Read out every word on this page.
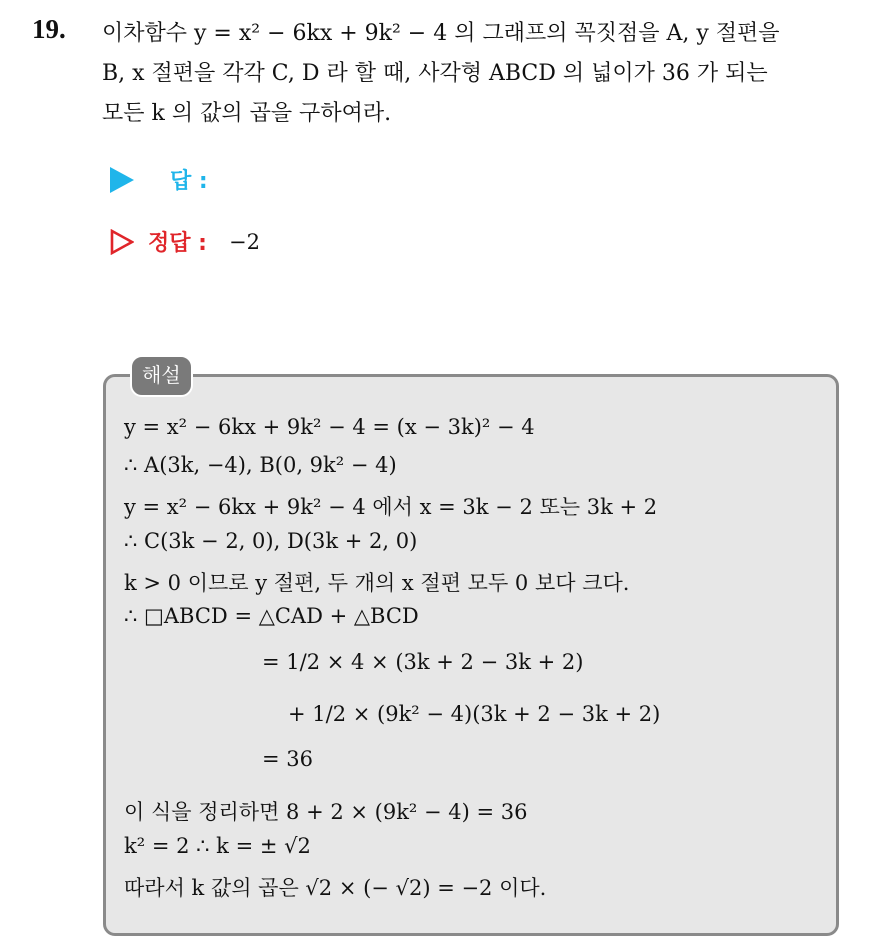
19. 이차함수 y = x² − 6kx + 9k² − 4 의 그래프의 꼭짓점을 A, y 절편을
B, x 절편을 각각 C, D 라 할 때, 사각형 ABCD 의 넓이가 36 가 되는
모든 k 의 값의 곱을 구하여라.
답 :
정답 : −2
해설
y = x² − 6kx + 9k² − 4 = (x − 3k)² − 4
∴ A(3k, −4), B(0, 9k² − 4)
y = x² − 6kx + 9k² − 4 에서 x = 3k − 2 또는 3k + 2
∴ C(3k − 2, 0), D(3k + 2, 0)
k > 0 이므로 y 절편, 두 개의 x 절편 모두 0 보다 크다.
∴ □ABCD = △CAD + △BCD
= 1/2 × 4 × (3k + 2 − 3k + 2)
+ 1/2 × (9k² − 4)(3k + 2 − 3k + 2)
= 36
이 식을 정리하면 8 + 2 × (9k² − 4) = 36
k² = 2 ∴ k = ± √2
따라서 k 값의 곱은 √2 × (− √2) = −2 이다.
